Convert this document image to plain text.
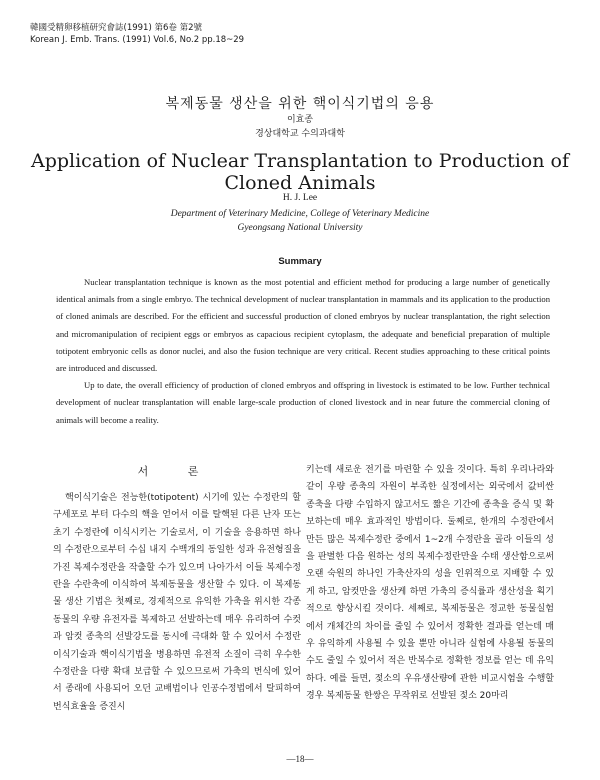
韓國受精卵移植研究會誌(1991) 第6卷 第2號
Korean J. Emb. Trans. (1991) Vol.6, No.2 pp.18~29
복제동물 생산을 위한 핵이식기법의 응용
이효종
경상대학교 수의과대학
Application of Nuclear Transplantation to Production of Cloned Animals
H. J. Lee
Department of Veterinary Medicine, College of Veterinary Medicine
Gyeongsang National University
Summary

Nuclear transplantation technique is known as the most potential and efficient method for producing a large number of genetically identical animals from a single embryo. The technical development of nuclear transplantation in mammals and its application to the production of cloned animals are described. For the efficient and successful production of cloned embryos by nuclear transplantation, the right selection and micromanipulation of recipient eggs or embryos as capacious recipient cytoplasm, the adequate and beneficial preparation of multiple totipotent embryonic cells as donor nuclei, and also the fusion technique are very critical. Recent studies approaching to these critical points are introduced and discussed.

Up to date, the overall efficiency of production of cloned embryos and offspring in livestock is estimated to be low. Further technical development of nuclear transplantation will enable large-scale production of cloned livestock and in near future the commercial cloning of animals will become a reality.

서 론

핵이식기술은 전능한(totipotent) 시기에 있는 수정란의 할구세포로 부터 다수의 핵을 얻어서 이를 탈핵된 다른 난자 또는 초기 수정란에 이식시키는 기술로서, 이 기술을 응용하면 하나의 수정란으로부터 수십 내지 수백개의 동일한 성과 유전형질을 가진 복제수정란을 작출할 수가 있으며 나아가서 이들 복제수정란을 수란축에 이식하여 복제동물을 생산할 수 있다. 이 복제동물 생산 기법은 첫째로, 경제적으로 유익한 가축을 위시한 각종 동물의 우량 유전자를 복제하고 선발하는데 매우 유리하여 수컷과 암컷 종축의 선발강도를 동시에 극대화 할 수 있어서 수정란 이식기술과 핵이식기법을 병용하면 유전적 소질이 극히 우수한 수정란을 다량 확대 보급할 수 있으므로써 가축의 번식에 있어서 종래에 사용되어 오던 교배법이나 인공수정법에서 탈피하여 번식효율을 증진시

키는데 새로운 전기를 마련할 수 있을 것이다. 특히 우리나라와 같이 우량 종축의 자원이 부족한 실정에서는 외국에서 값비싼 종축을 다량 수입하지 않고서도 짧은 기간에 종축을 증식 및 확보하는데 매우 효과적인 방법이다. 둘째로, 한개의 수정란에서 만든 많은 복제수정란 중에서 1~2개 수정란을 골라 이들의 성을 판별한 다음 원하는 성의 복제수정란만을 수태 생산함으로써 오랜 숙원의 하나인 가축산자의 성을 인위적으로 지배할 수 있게 하고, 암컷만을 생산케 하면 가축의 증식률과 생산성을 획기적으로 향상시킬 것이다. 세째로, 복제동물은 정교한 동물실험에서 개체간의 차이를 줄일 수 있어서 정확한 결과를 얻는데 매우 유익하게 사용될 수 있을 뿐만 아니라 실험에 사용될 동물의 수도 줄일 수 있어서 적은 반복수로 정확한 정보를 얻는 데 유익하다. 예를 들면, 젖소의 우유생산량에 관한 비교시험을 수행할 경우 복제동물 한쌍은 무작위로 선발된 젖소 20마리

—18—
